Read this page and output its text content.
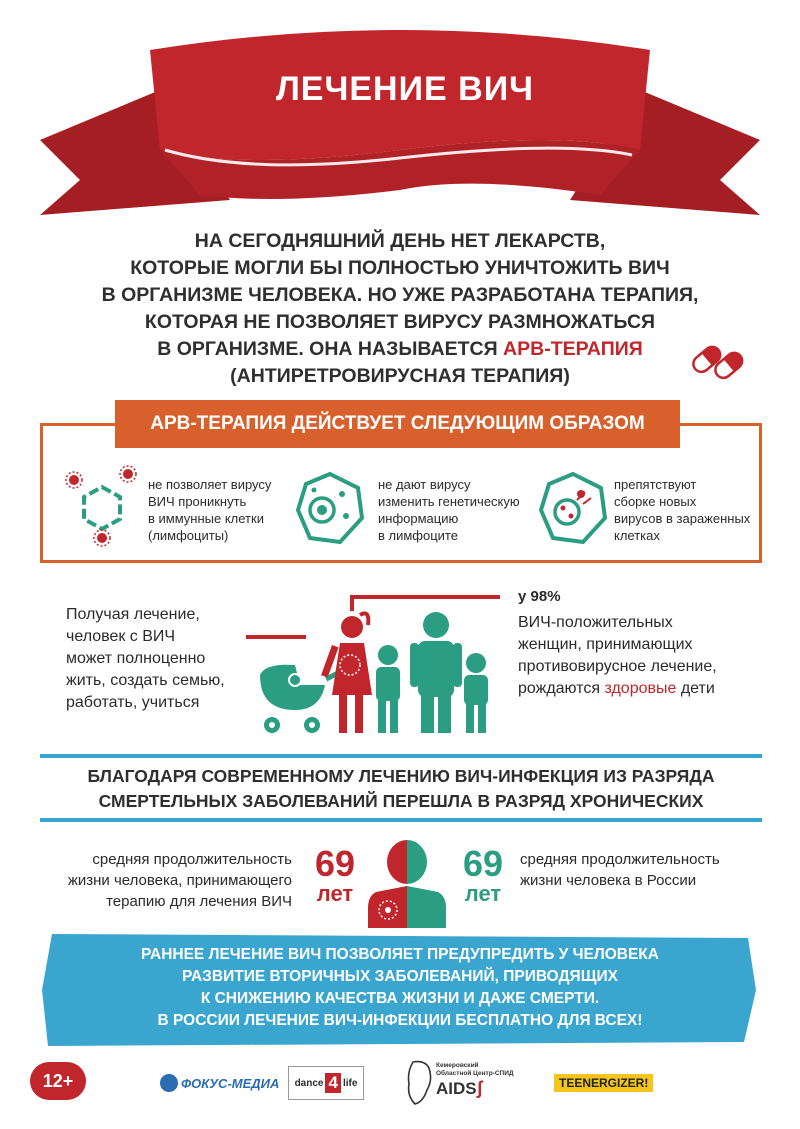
ЛЕЧЕНИЕ ВИЧ
НА СЕГОДНЯШНИЙ ДЕНЬ НЕТ ЛЕКАРСТВ,
КОТОРЫЕ МОГЛИ БЫ ПОЛНОСТЬЮ УНИЧТОЖИТЬ ВИЧ
В ОРГАНИЗМЕ ЧЕЛОВЕКА. НО УЖЕ РАЗРАБОТАНА ТЕРАПИЯ,
КОТОРАЯ НЕ ПОЗВОЛЯЕТ ВИРУСУ РАЗМНОЖАТЬСЯ
В ОРГАНИЗМЕ. ОНА НАЗЫВАЕТСЯ АРВ-ТЕРАПИЯ
(АНТИРЕТРОВИРУСНАЯ ТЕРАПИЯ)
АРВ-ТЕРАПИЯ ДЕЙСТВУЕТ СЛЕДУЮЩИМ ОБРАЗОМ
не позволяет вирусу
ВИЧ проникнуть
в иммунные клетки
(лимфоциты)
не дают вирусу
изменить генетическую
информацию
в лимфоците
препятствуют
сборке новых
вирусов в зараженных
клетках
Получая лечение,
человек с ВИЧ
может полноценно
жить, создать семью,
работать, учиться
у 98%
ВИЧ-положительных
женщин, принимающих
противовирусное лечение,
рождаются здоровые дети
БЛАГОДАРЯ СОВРЕМЕННОМУ ЛЕЧЕНИЮ ВИЧ-ИНФЕКЦИЯ ИЗ РАЗРЯДА
СМЕРТЕЛЬНЫХ ЗАБОЛЕВАНИЙ ПЕРЕШЛА В РАЗРЯД ХРОНИЧЕСКИХ
средняя продолжительность
жизни человека, принимающего
терапию для лечения ВИЧ
69
лет
69
лет
средняя продолжительность
жизни человека в России
РАННЕЕ ЛЕЧЕНИЕ ВИЧ ПОЗВОЛЯЕТ ПРЕДУПРЕДИТЬ У ЧЕЛОВЕКА
РАЗВИТИЕ ВТОРИЧНЫХ ЗАБОЛЕВАНИЙ, ПРИВОДЯЩИХ
К СНИЖЕНИЮ КАЧЕСТВА ЖИЗНИ И ДАЖЕ СМЕРТИ.
В РОССИИ ЛЕЧЕНИЕ ВИЧ-ИНФЕКЦИИ БЕСПЛАТНО ДЛЯ ВСЕХ!
12+	ФОКУС-МЕДИА dance 4 life
Кемеровский
Областной Центр-СПИД
AIDSʃ	TEENERGIZER!
